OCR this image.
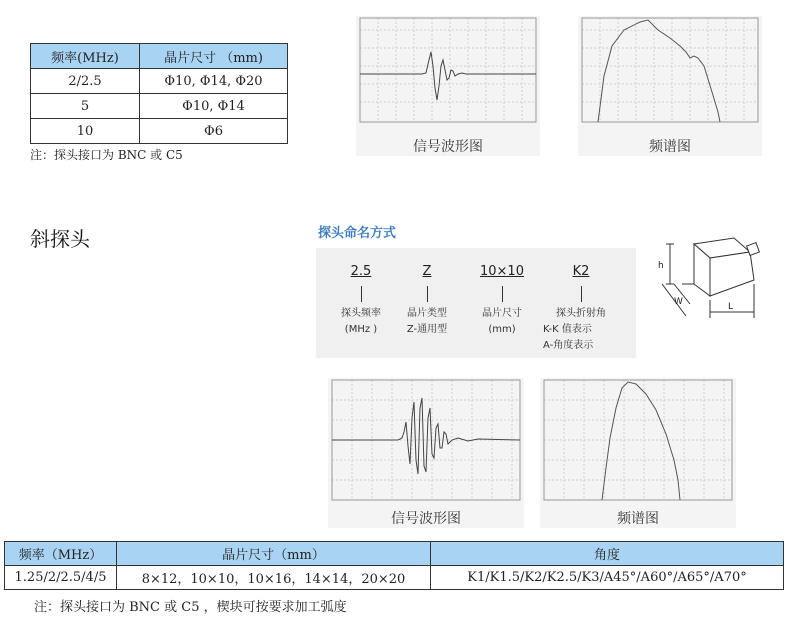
频率(MHz)	晶片尺寸 （mm)
2/2.5	Φ10, Φ14, Φ20
5	Φ10, Φ14
10	Φ6
注：探头接口为 BNC 或 C5	信号波形图	频谱图
斜探头	探头命名方式
2.5
探头频率
(MHz )
Z
晶片类型
Z-通用型
10×10
晶片尺寸
(mm)
K2
探头折射角
K-K 值表示
A-角度表示
h
W	L
信号波形图	频谱图
频率（MHz）	晶片尺寸（mm）	角度
1.25/2/2.5/4/5	8×12，10×10，10×16，14×14，20×20	K1/K1.5/K2/K2.5/K3/A45°/A60°/A65°/A70°
注：探头接口为 BNC 或 C5 ，楔块可按要求加工弧度
